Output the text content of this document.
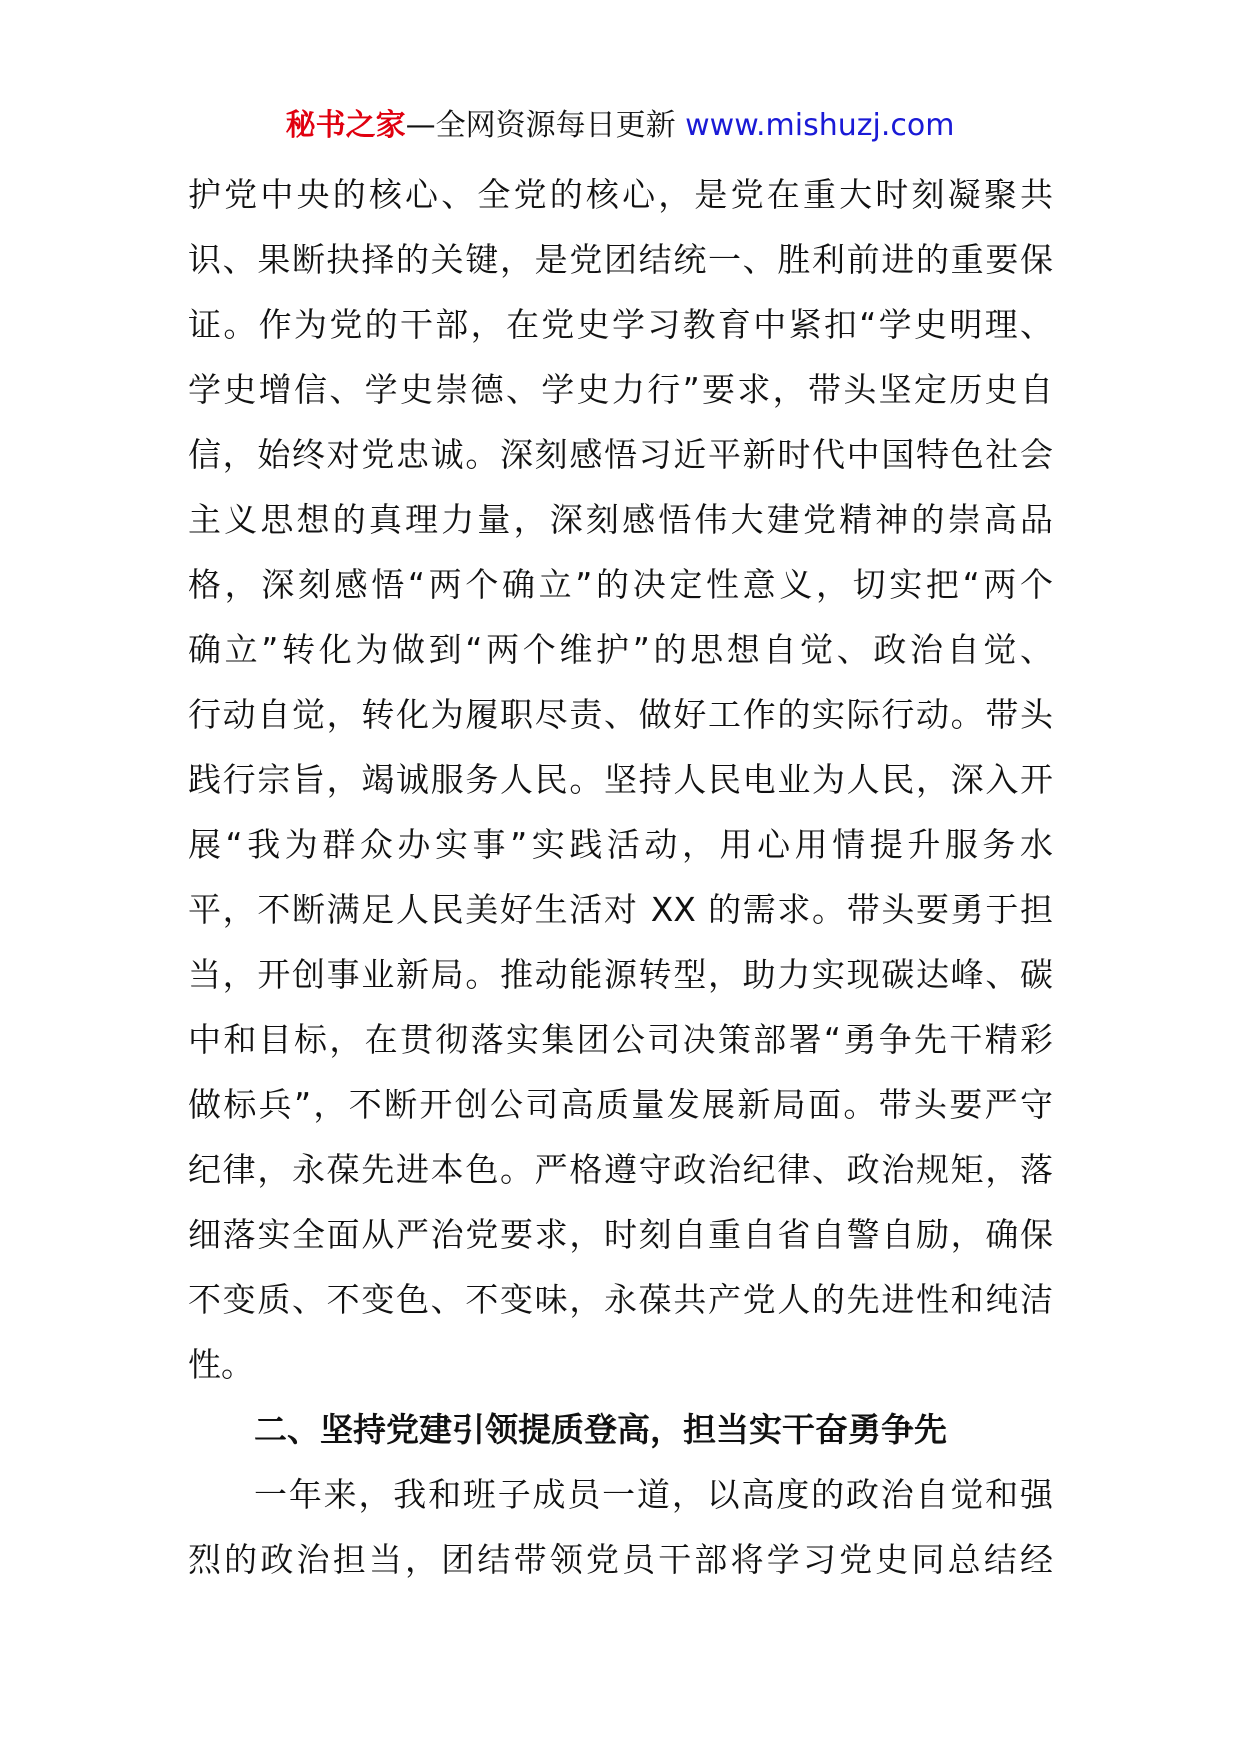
秘书之家—全网资源每日更新 www.mishuzj.com
护党中央的核心、全党的核心，是党在重大时刻凝聚共
识、果断抉择的关键，是党团结统一、胜利前进的重要保
证。作为党的干部，在党史学习教育中紧扣“学史明理、
学史增信、学史崇德、学史力行”要求，带头坚定历史自
信，始终对党忠诚。深刻感悟习近平新时代中国特色社会
主义思想的真理力量，深刻感悟伟大建党精神的崇高品
格，深刻感悟“两个确立”的决定性意义，切实把“两个
确立”转化为做到“两个维护”的思想自觉、政治自觉、
行动自觉，转化为履职尽责、做好工作的实际行动。带头
践行宗旨，竭诚服务人民。坚持人民电业为人民，深入开
展“我为群众办实事”实践活动，用心用情提升服务水
平，不断满足人民美好生活对 XX 的需求。带头要勇于担
当，开创事业新局。推动能源转型，助力实现碳达峰、碳
中和目标，在贯彻落实集团公司决策部署“勇争先干精彩
做标兵”，不断开创公司高质量发展新局面。带头要严守
纪律，永葆先进本色。严格遵守政治纪律、政治规矩，落
细落实全面从严治党要求，时刻自重自省自警自励，确保
不变质、不变色、不变味，永葆共产党人的先进性和纯洁
性。
二、坚持党建引领提质登高，担当实干奋勇争先
一年来，我和班子成员一道，以高度的政治自觉和强
烈的政治担当，团结带领党员干部将学习党史同总结经
